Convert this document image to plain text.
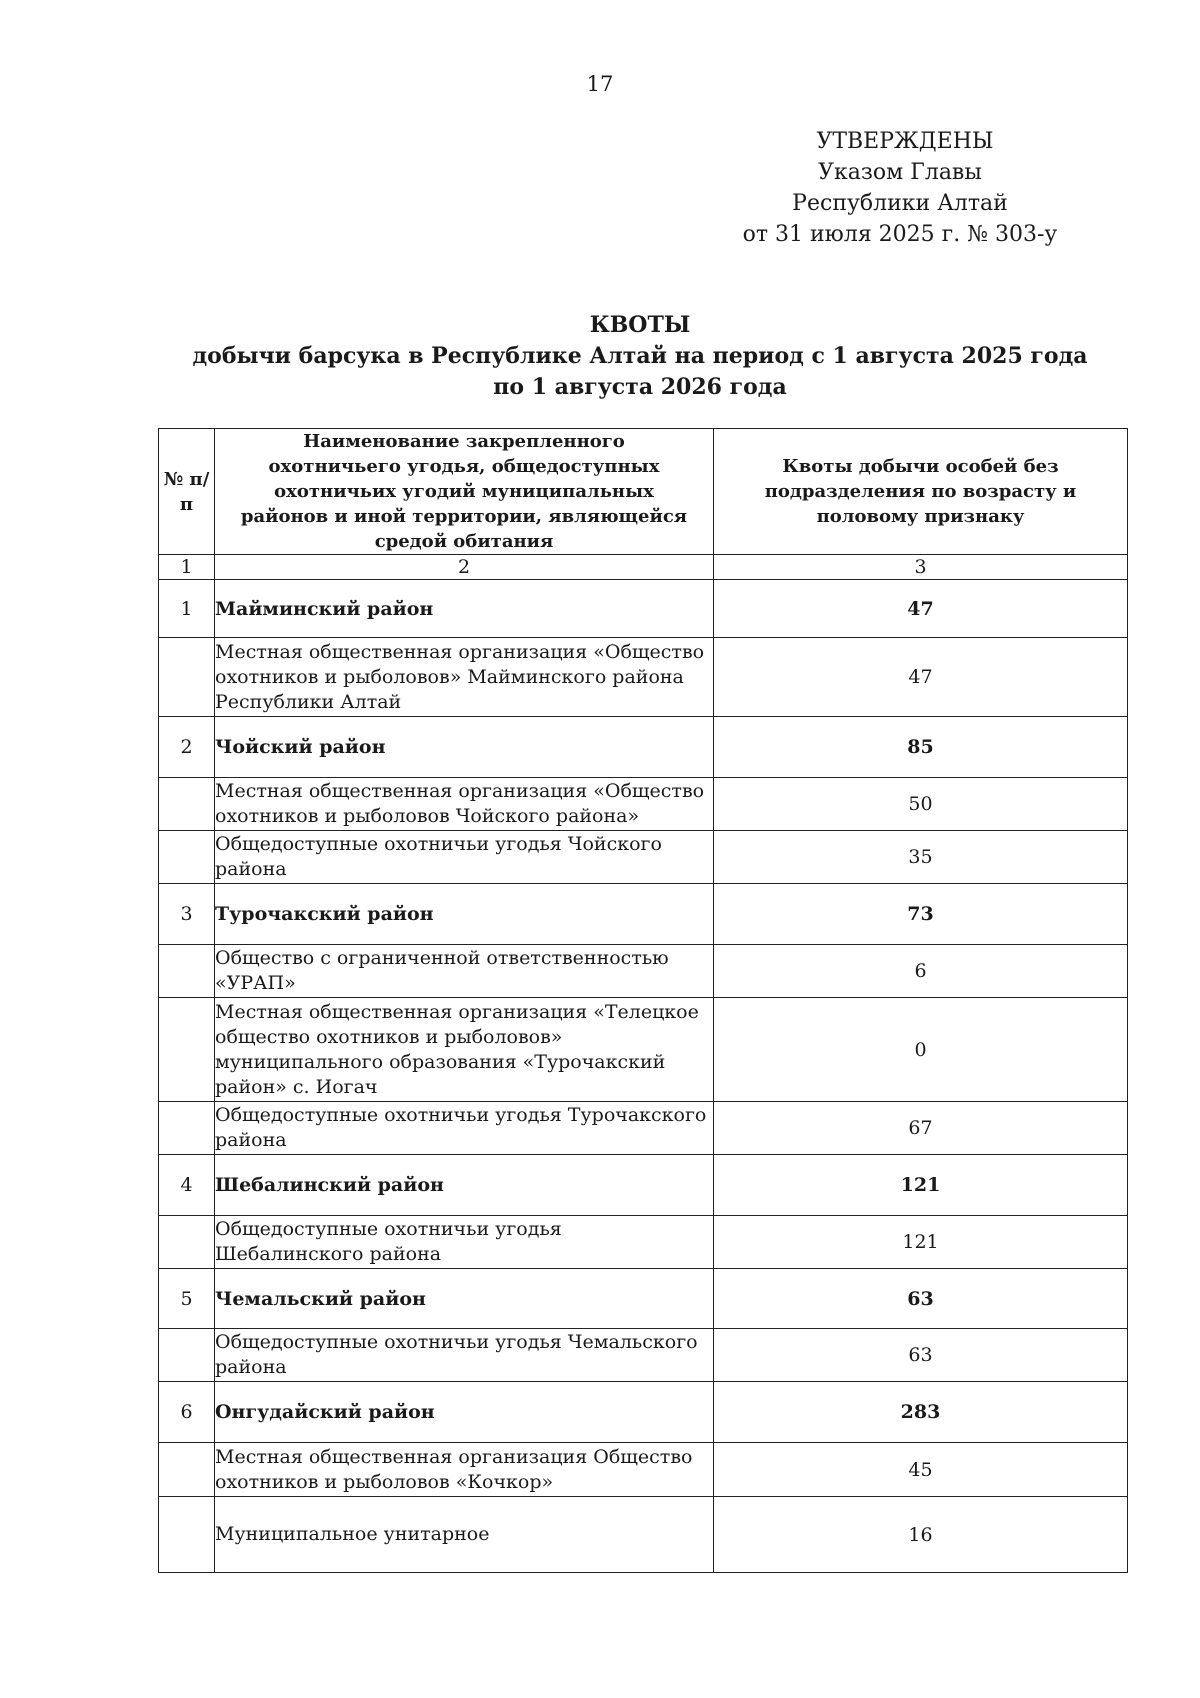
17
УТВЕРЖДЕНЫ
Указом Главы
Республики Алтай
от 31 июля 2025 г. № 303-у
КВОТЫ
добычи барсука в Республике Алтай на период с 1 августа 2025 года
по 1 августа 2026 года
№ п/п	Наименование закрепленного охотничьего угодья, общедоступных охотничьих угодий муниципальных районов и иной территории, являющейся средой обитания	Квоты добычи особей без подразделения по возрасту и половому признаку
1	2	3
1	Майминский район	47
	Местная общественная организация «Общество охотников и рыболовов» Майминского района Республики Алтай	47
2	Чойский район	85
	Местная общественная организация «Общество охотников и рыболовов Чойского района»	50
	Общедоступные охотничьи угодья Чойского района	35
3	Турочакский район	73
	Общество с ограниченной ответственностью «УРАП»	6
	Местная общественная организация «Телецкое общество охотников и рыболовов» муниципального образования «Турочакский район» с. Иогач	0
	Общедоступные охотничьи угодья Турочакского района	67
4	Шебалинский район	121
	Общедоступные охотничьи угодья Шебалинского района	121
5	Чемальский район	63
	Общедоступные охотничьи угодья Чемальского района	63
6	Онгудайский район	283
	Местная общественная организация Общество охотников и рыболовов «Кочкор»	45
	Муниципальное унитарное	16
